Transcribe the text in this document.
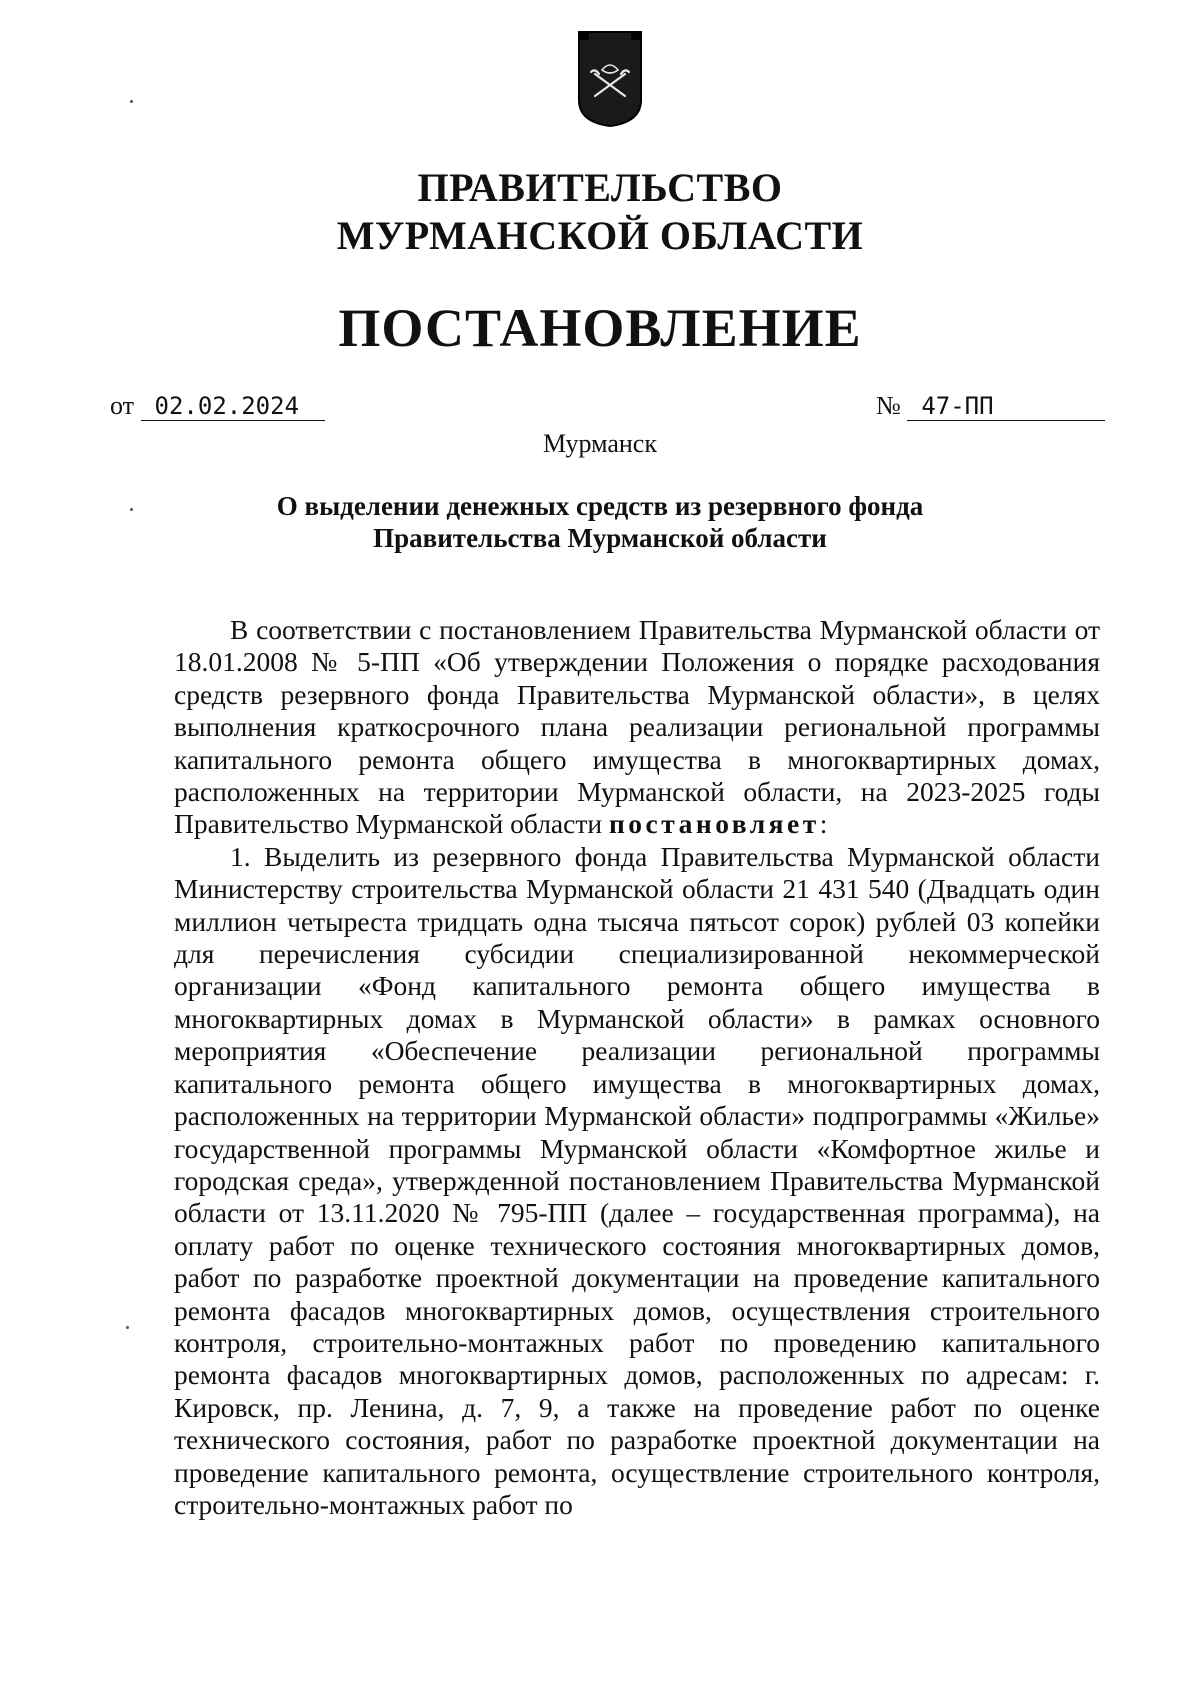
ПРАВИТЕЛЬСТВО
МУРМАНСКОЙ ОБЛАСТИ
ПОСТАНОВЛЕНИЕ
от 02.02.2024	№ 47-ПП
Мурманск
О выделении денежных средств из резервного фонда
Правительства Мурманской области

В соответствии с постановлением Правительства Мурманской области от 18.01.2008 № 5-ПП «Об утверждении Положения о порядке расходования средств резервного фонда Правительства Мурманской области», в целях выполнения краткосрочного плана реализации региональной программы капитального ремонта общего имущества в многоквартирных домах, расположенных на территории Мурманской области, на 2023-2025 годы Правительство Мурманской области постановляет:

1. Выделить из резервного фонда Правительства Мурманской области Министерству строительства Мурманской области 21 431 540 (Двадцать один миллион четыреста тридцать одна тысяча пятьсот сорок) рублей 03 копейки для перечисления субсидии специализированной некоммерческой организации «Фонд капитального ремонта общего имущества в многоквартирных домах в Мурманской области» в рамках основного мероприятия «Обеспечение реализации региональной программы капитального ремонта общего имущества в многоквартирных домах, расположенных на территории Мурманской области» подпрограммы «Жилье» государственной программы Мурманской области «Комфортное жилье и городская среда», утвержденной постановлением Правительства Мурманской области от 13.11.2020 № 795-ПП (далее – государственная программа), на оплату работ по оценке технического состояния многоквартирных домов, работ по разработке проектной документации на проведение капитального ремонта фасадов многоквартирных домов, осуществления строительного контроля, строительно-монтажных работ по проведению капитального ремонта фасадов многоквартирных домов, расположенных по адресам: г. Кировск, пр. Ленина, д. 7, 9, а также на проведение работ по оценке технического состояния, работ по разработке проектной документации на проведение капитального ремонта, осуществление строительного контроля, строительно-монтажных работ по
